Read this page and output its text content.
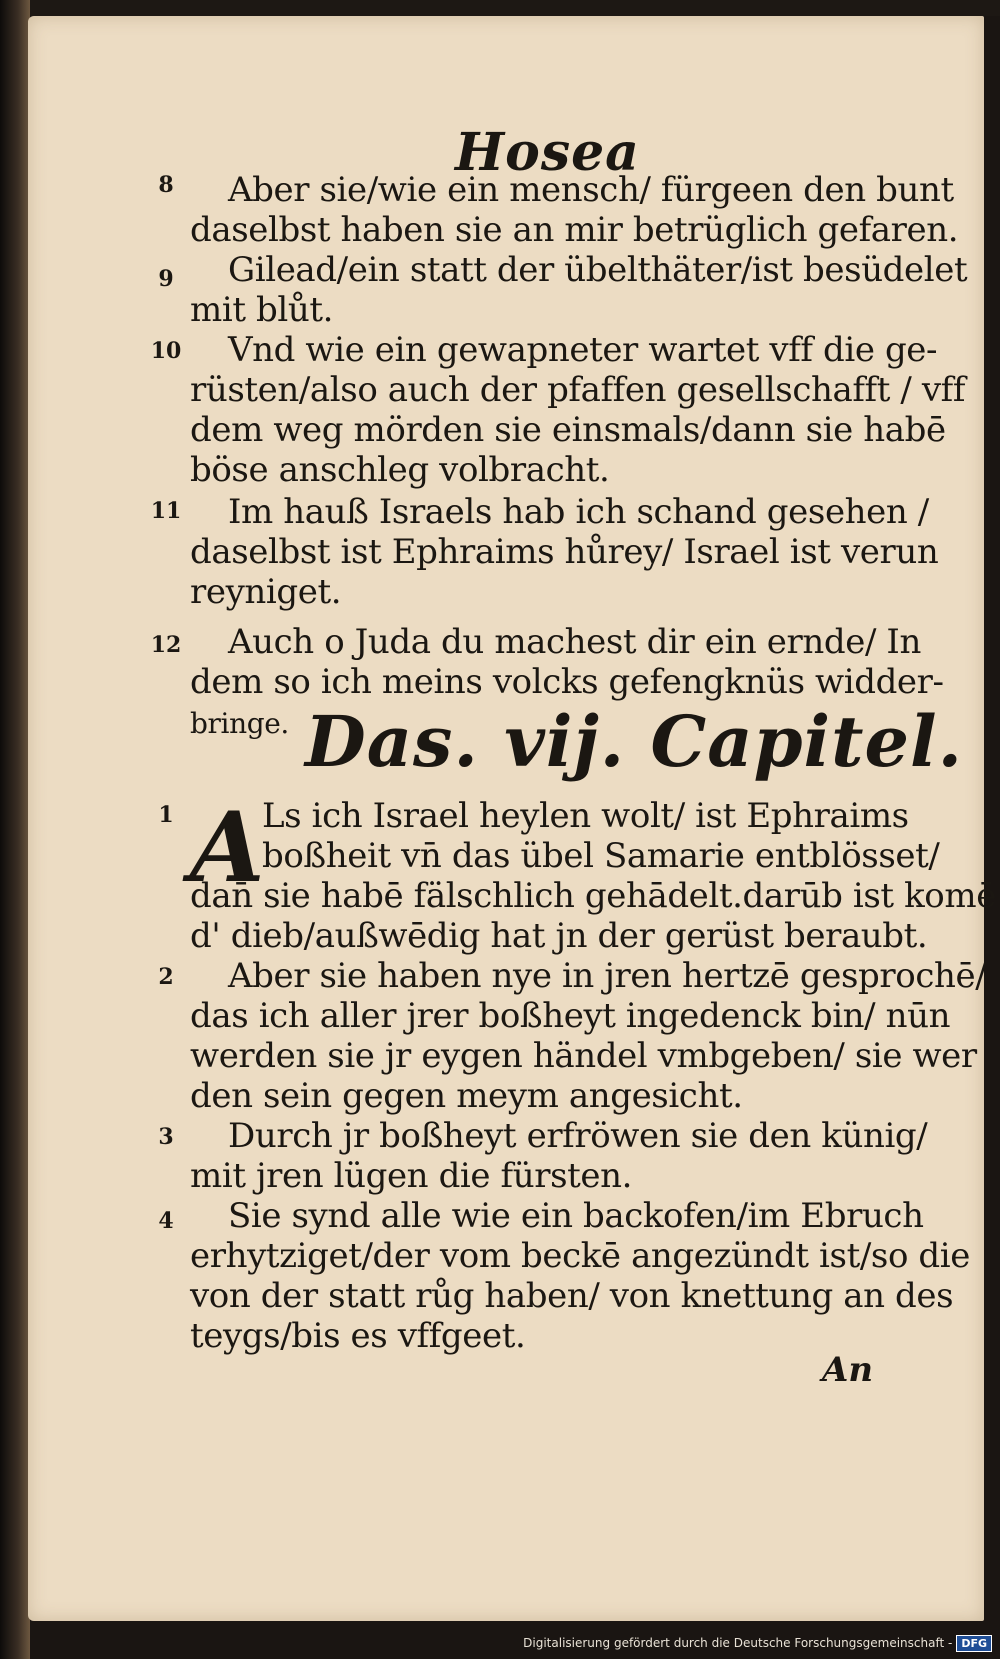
Hosea
8	Aber sie/wie ein mensch/ fürgeen den bunt
daselbst haben sie an mir betrüglich gefaren.
9	Gilead/ein statt der übelthäter/ist besüdelet
mit blůt.
10 Vnd wie ein gewapneter wartet vff die ge-
rüsten/also auch der pfaffen gesellschafft / vff
dem weg mörden sie einsmals/dann sie habē
böse anschleg volbracht.
11 Im hauß Israels hab ich schand gesehen /
daselbst ist Ephraims hůrey/ Israel ist verun
reyniget.
12 Auch o Juda du machest dir ein ernde/ In
dem so ich meins volcks gefengknüs widder-
bringe. Das. vij. Capitel.
1 A
Ls ich Israel heylen wolt/ ist Ephraims
boßheit vn̄ das übel Samarie entblösset/
dan̄ sie habē fälschlich gehādelt.darūb ist komē
d' dieb/außwēdig hat jn der gerüst beraubt.
2	Aber sie haben nye in jren hertzē gesprochē/
das ich aller jrer boßheyt ingedenck bin/ nūn
werden sie jr eygen händel vmbgeben/ sie wer
den sein gegen meym angesicht.
3	Durch jr boßheyt erfröwen sie den künig/
mit jren lügen die fürsten.
4	Sie synd alle wie ein backofen/im Ebruch
erhytziget/der vom beckē angezündt ist/so die
von der statt růg haben/ von knettung an des
teygs/bis es vffgeet.
An
Digitalisierung gefördert durch die Deutsche Forschungsgemeinschaft - DFG
